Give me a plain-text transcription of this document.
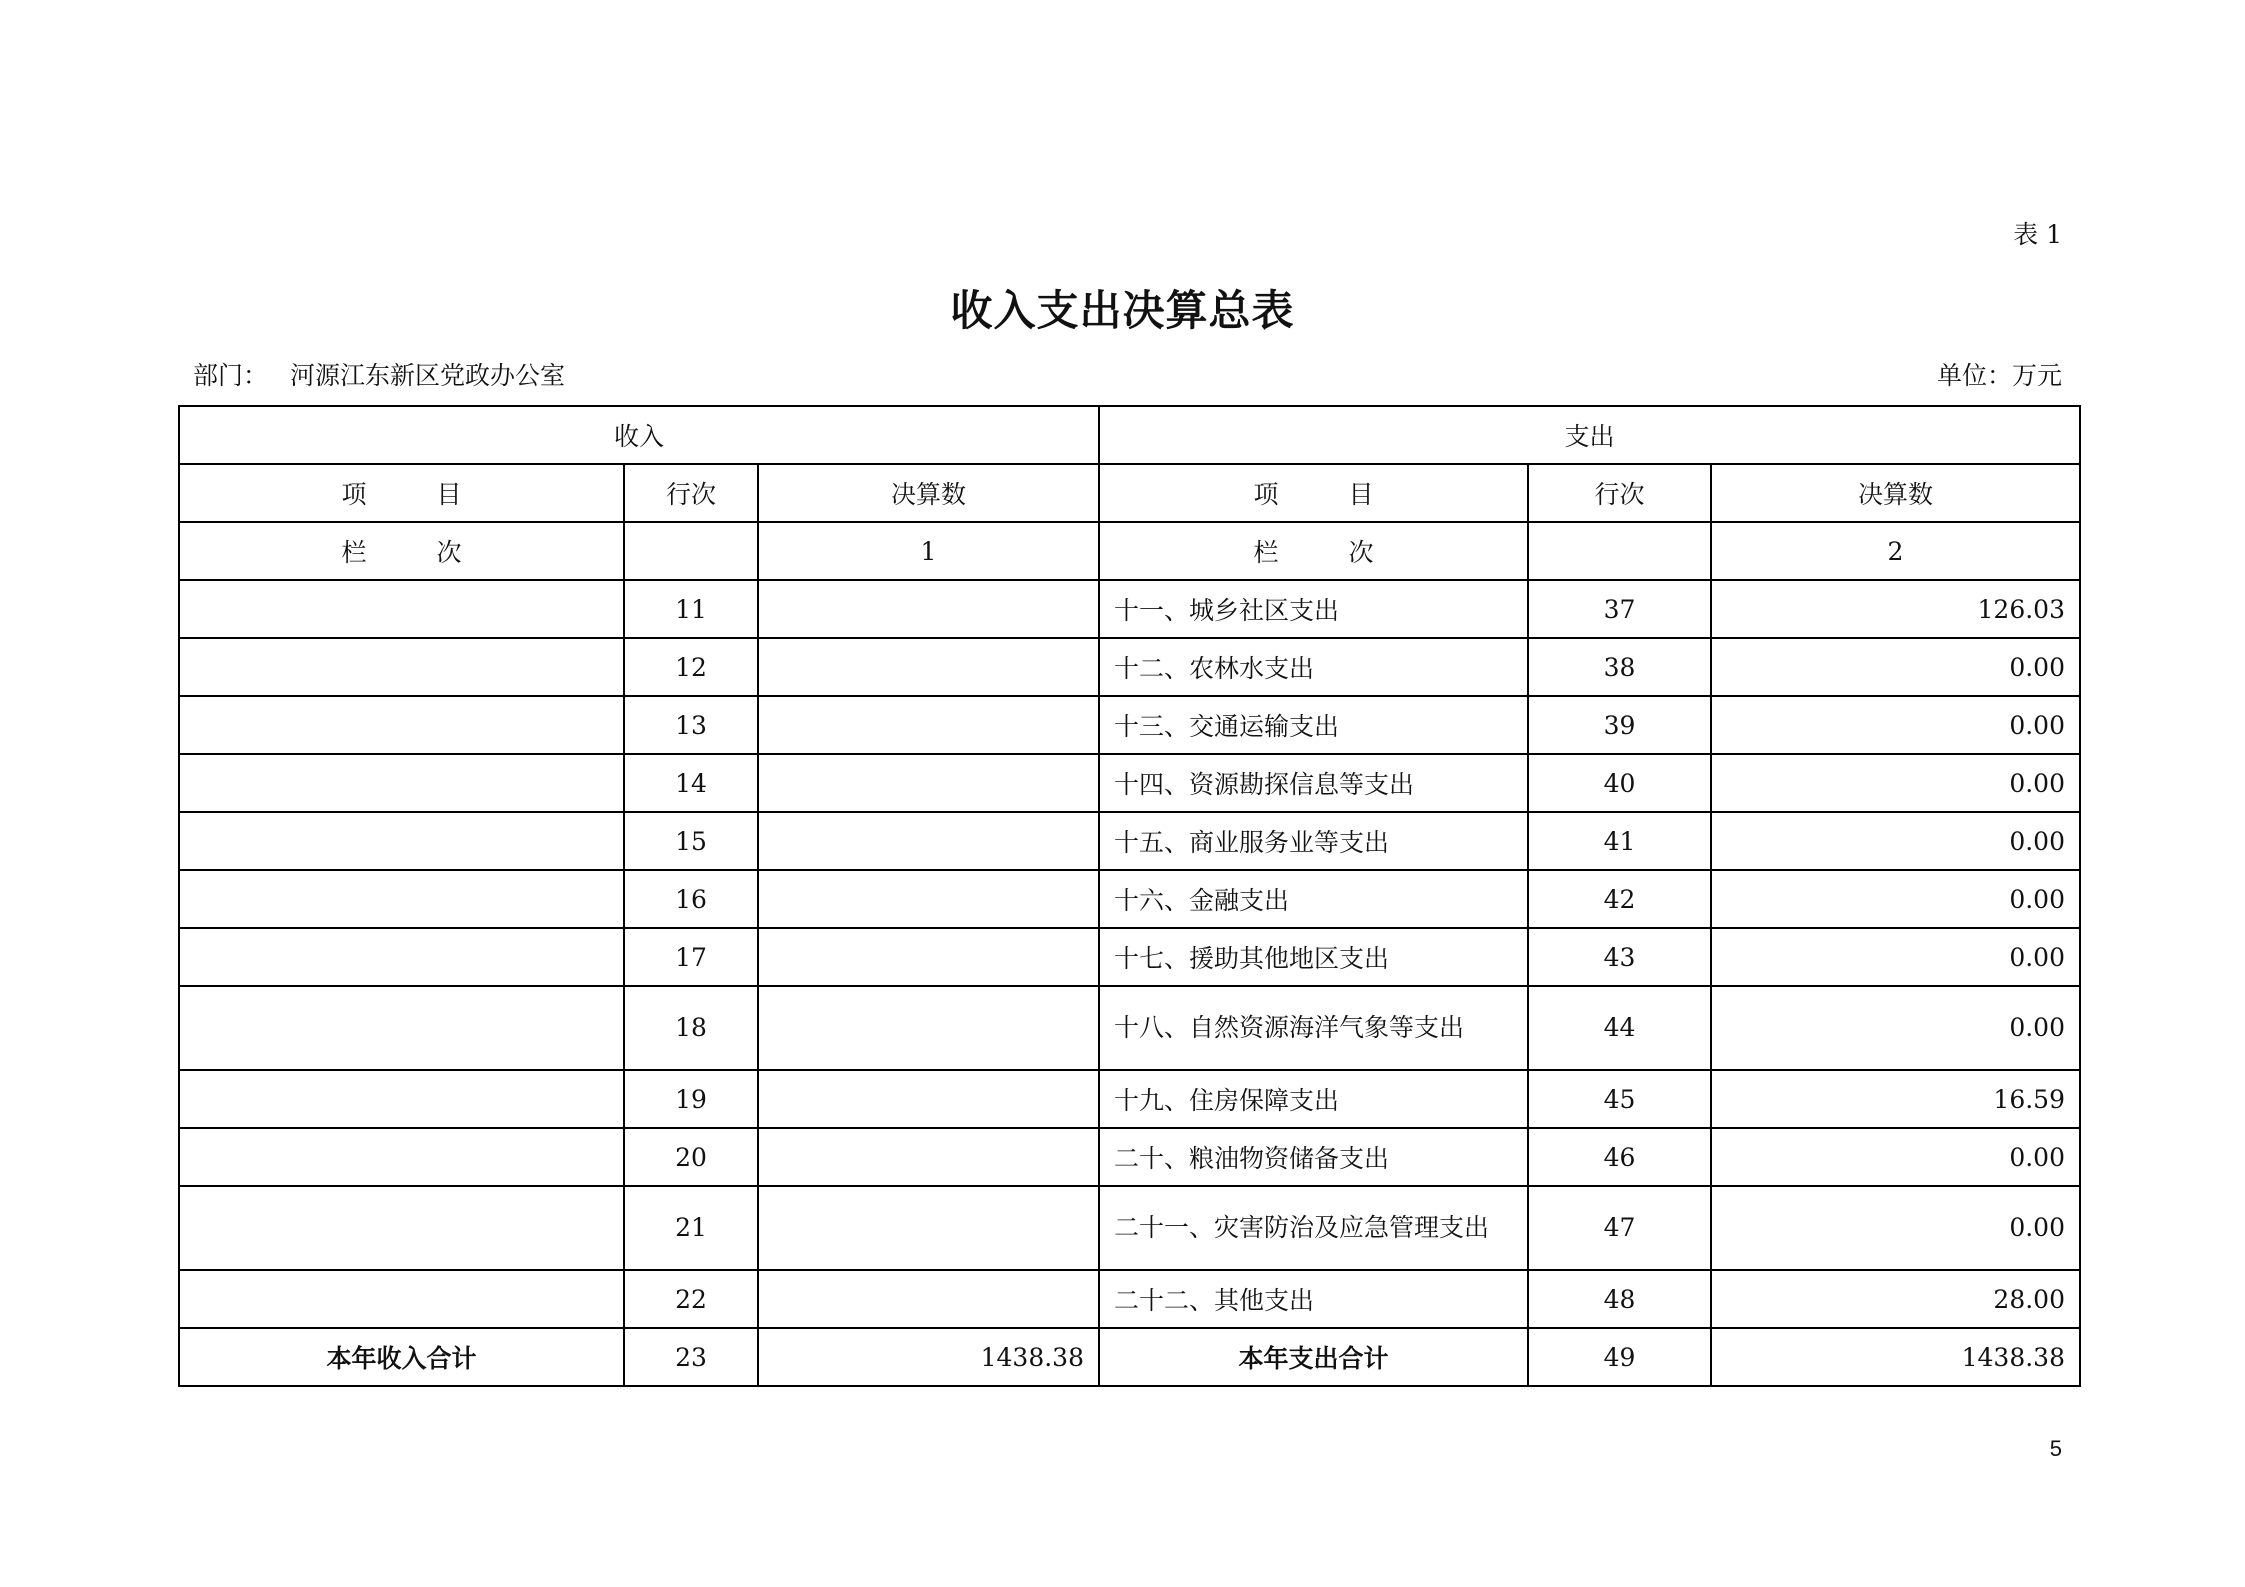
表 1
收入支出决算总表
部门： 河源江东新区党政办公室	单位：万元
收入			支出		
项 目	行次	决算数	项 目	行次	决算数
栏 次		1	栏 次		2
	11		十一、城乡社区支出	37	126.03
	12		十二、农林水支出	38	0.00
	13		十三、交通运输支出	39	0.00
	14		十四、资源勘探信息等支出	40	0.00
	15		十五、商业服务业等支出	41	0.00
	16		十六、金融支出	42	0.00
	17		十七、援助其他地区支出	43	0.00
	18		十八、自然资源海洋气象等支出	44	0.00
	19		十九、住房保障支出	45	16.59
	20		二十、粮油物资储备支出	46	0.00
	21		二十一、灾害防治及应急管理支出	47	0.00
	22		二十二、其他支出	48	28.00
本年收入合计	23	1438.38	本年支出合计	49	1438.38
5
